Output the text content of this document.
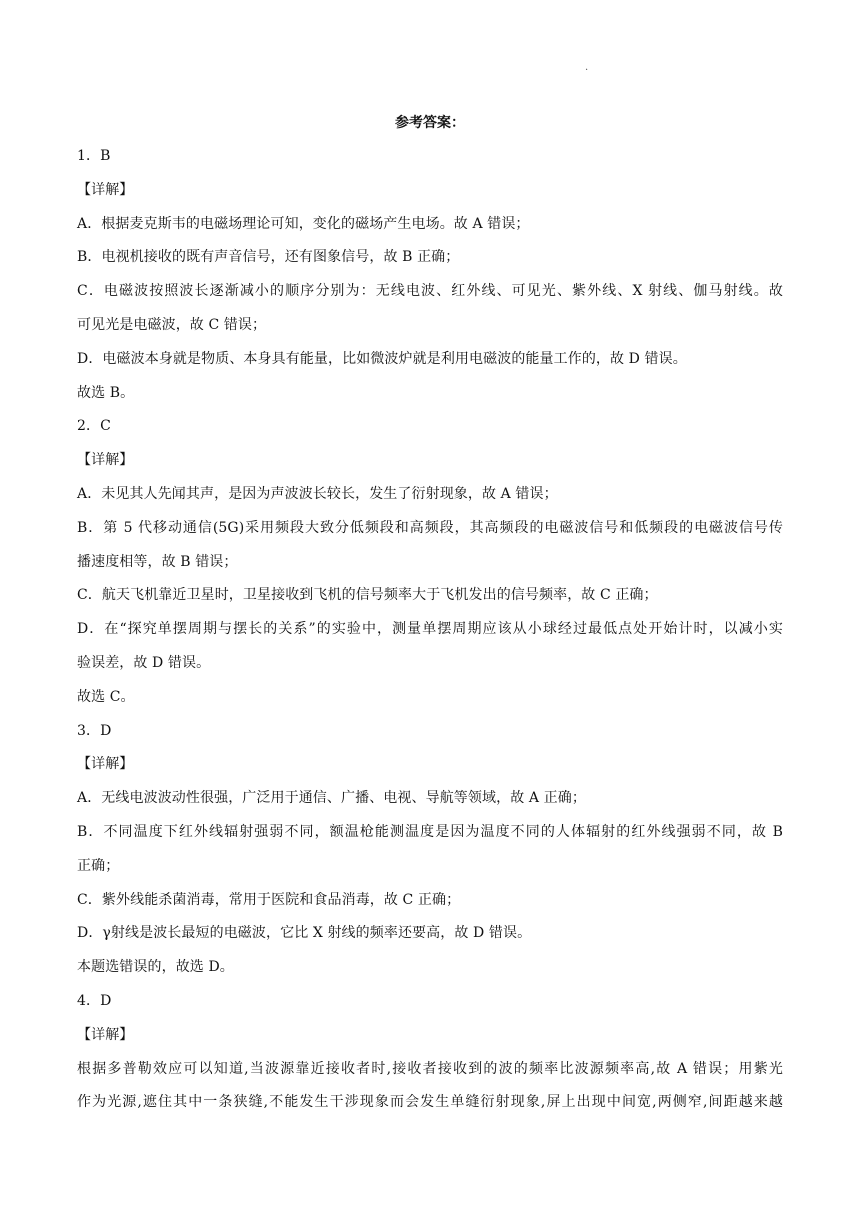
.
参考答案：
1．B
【详解】
A．根据麦克斯韦的电磁场理论可知，变化的磁场产生电场。故 A 错误；
B．电视机接收的既有声音信号，还有图象信号，故 B 正确；
C．电磁波按照波长逐渐减小的顺序分别为：无线电波、红外线、可见光、紫外线、X 射线、伽马射线。故
可见光是电磁波，故 C 错误；
D．电磁波本身就是物质、本身具有能量，比如微波炉就是利用电磁波的能量工作的，故 D 错误。
故选 B。
2．C
【详解】
A．未见其人先闻其声，是因为声波波长较长，发生了衍射现象，故 A 错误；
B．第 5 代移动通信(5G)采用频段大致分低频段和高频段，其高频段的电磁波信号和低频段的电磁波信号传
播速度相等，故 B 错误；
C．航天飞机靠近卫星时，卫星接收到飞机的信号频率大于飞机发出的信号频率，故 C 正确；
D．在“探究单摆周期与摆长的关系”的实验中，测量单摆周期应该从小球经过最低点处开始计时，以减小实
验误差，故 D 错误。
故选 C。
3．D
【详解】
A．无线电波波动性很强，广泛用于通信、广播、电视、导航等领域，故 A 正确；
B．不同温度下红外线辐射强弱不同，额温枪能测温度是因为温度不同的人体辐射的红外线强弱不同，故 B
正确；
C．紫外线能杀菌消毒，常用于医院和食品消毒，故 C 正确；
D．γ射线是波长最短的电磁波，它比 X 射线的频率还要高，故 D 错误。
本题选错误的，故选 D。
4．D
【详解】
根据多普勒效应可以知道,当波源靠近接收者时,接收者接收到的波的频率比波源频率高,故 A 错误；用紫光
作为光源,遮住其中一条狭缝,不能发生干涉现象而会发生单缝衍射现象,屏上出现中间宽,两侧窄,间距越来越
